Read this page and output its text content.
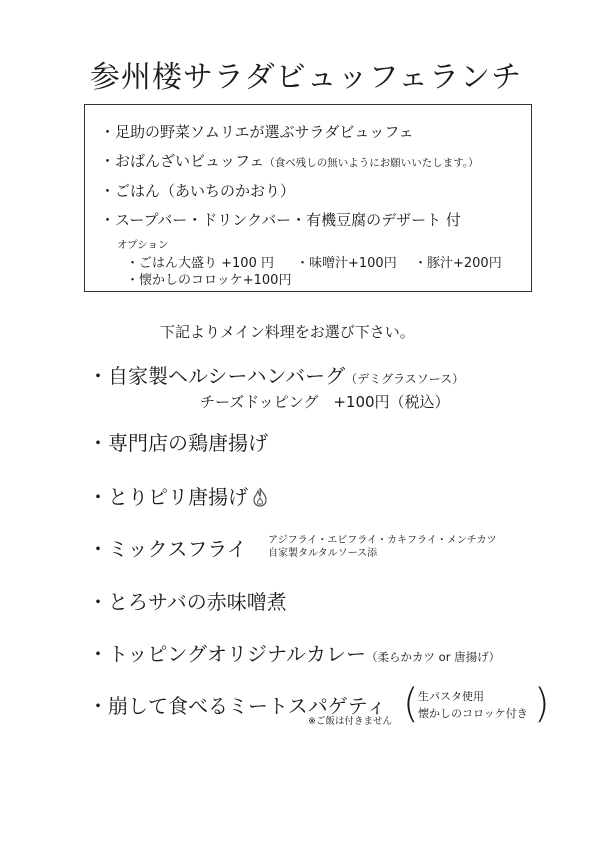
参州楼サラダビュッフェランチ
・足助の野菜ソムリエが選ぶサラダビュッフェ
・おばんざいビュッフェ（食べ残しの無いようにお願いいたします。）
・ごはん（あいちのかおり）
・スープバー・ドリンクバー・有機豆腐のデザート 付
オプション
・ごはん大盛り +100 円 ・味噌汁+100円 ・豚汁+200円
・懐かしのコロッケ+100円
下記よりメイン料理をお選び下さい。
・自家製ヘルシーハンバーグ（デミグラスソース）
チーズドッピング　+100円（税込）
・専門店の鶏唐揚げ
・とりピリ唐揚げ
・ミックスフライ アジフライ・エビフライ・カキフライ・メンチカツ
自家製タルタルソース添
・とろサバの赤味噌煮
・トッピングオリジナルカレー（柔らかカツ or 唐揚げ）
・崩して食べるミートスパゲティ
※ご飯は付きません ( 生パスタ使用
懐かしのコロッケ付き )
